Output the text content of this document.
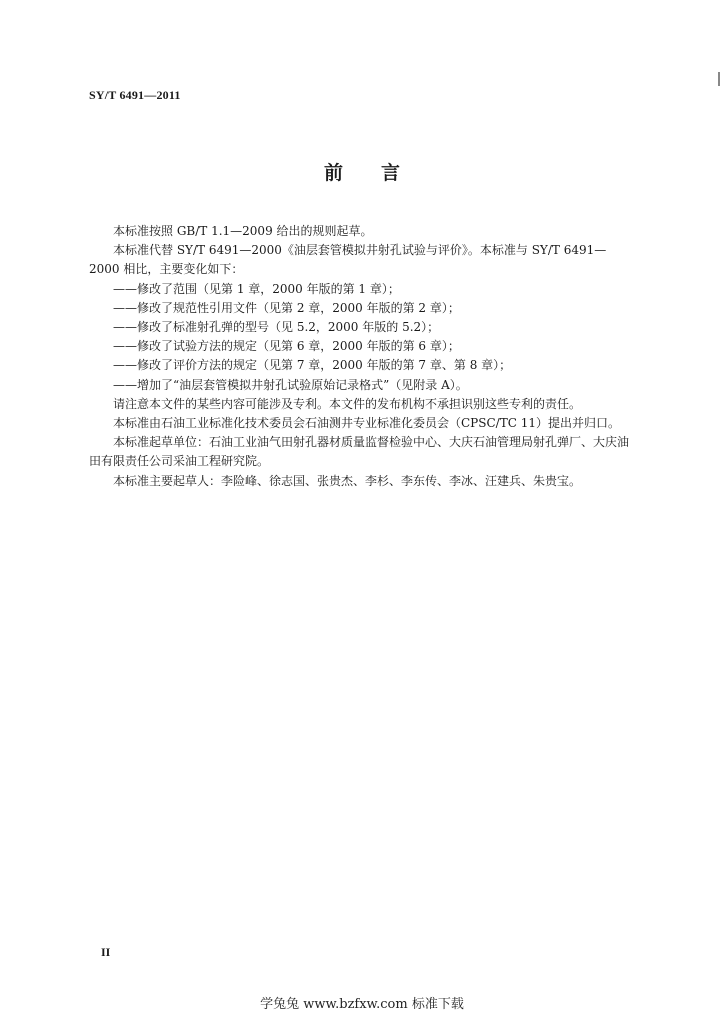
SY/T 6491—2011
前言

本标准按照 GB/T 1.1—2009 给出的规则起草。

本标准代替 SY/T 6491—2000《油层套管模拟井射孔试验与评价》。本标准与 SY/T 6491—2000 相比，主要变化如下：

——修改了范围（见第 1 章，2000 年版的第 1 章）；

——修改了规范性引用文件（见第 2 章，2000 年版的第 2 章）；

——修改了标准射孔弹的型号（见 5.2，2000 年版的 5.2）；

——修改了试验方法的规定（见第 6 章，2000 年版的第 6 章）；

——修改了评价方法的规定（见第 7 章，2000 年版的第 7 章、第 8 章）；

——增加了“油层套管模拟井射孔试验原始记录格式”（见附录 A）。

请注意本文件的某些内容可能涉及专利。本文件的发布机构不承担识别这些专利的责任。

本标准由石油工业标准化技术委员会石油测井专业标准化委员会（CPSC/TC 11）提出并归口。

本标准起草单位：石油工业油气田射孔器材质量监督检验中心、大庆石油管理局射孔弹厂、大庆油田有限责任公司采油工程研究院。

本标准主要起草人：李险峰、徐志国、张贵杰、李杉、李东传、李冰、汪建兵、朱贵宝。

II
学兔兔 www.bzfxw.com 标准下载
